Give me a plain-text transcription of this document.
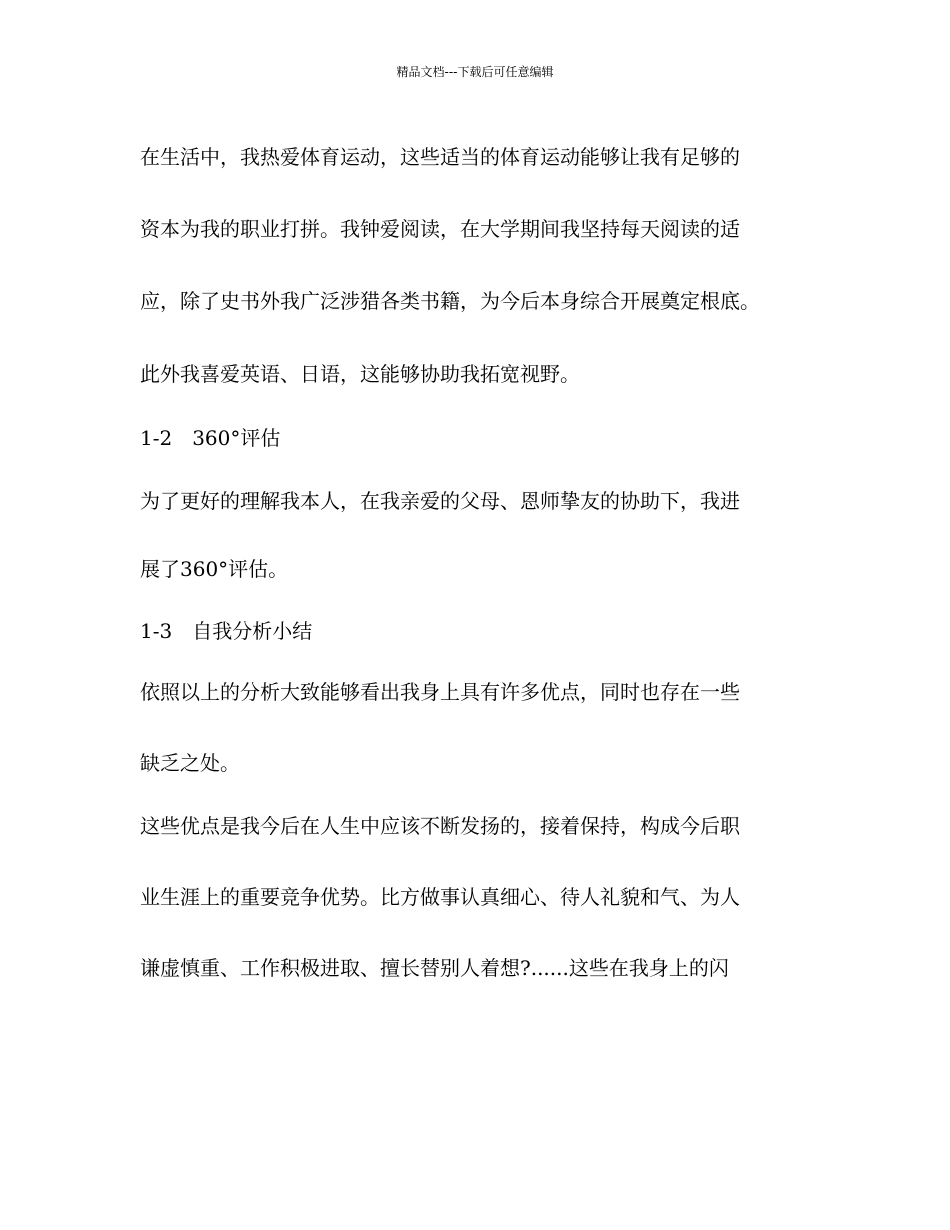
精品文档---下载后可任意编辑
在生活中，我热爱体育运动，这些适当的体育运动能够让我有足够的
资本为我的职业打拼。我钟爱阅读，在大学期间我坚持每天阅读的适
应，除了史书外我广泛涉猎各类书籍，为今后本身综合开展奠定根底。
此外我喜爱英语、日语，这能够协助我拓宽视野。
1-2　360°评估
为了更好的理解我本人，在我亲爱的父母、恩师挚友的协助下，我进
展了360°评估。
1-3　自我分析小结
依照以上的分析大致能够看出我身上具有许多优点，同时也存在一些
缺乏之处。
这些优点是我今后在人生中应该不断发扬的，接着保持，构成今后职
业生涯上的重要竞争优势。比方做事认真细心、待人礼貌和气、为人
谦虚慎重、工作积极进取、擅长替别人着想?......这些在我身上的闪
